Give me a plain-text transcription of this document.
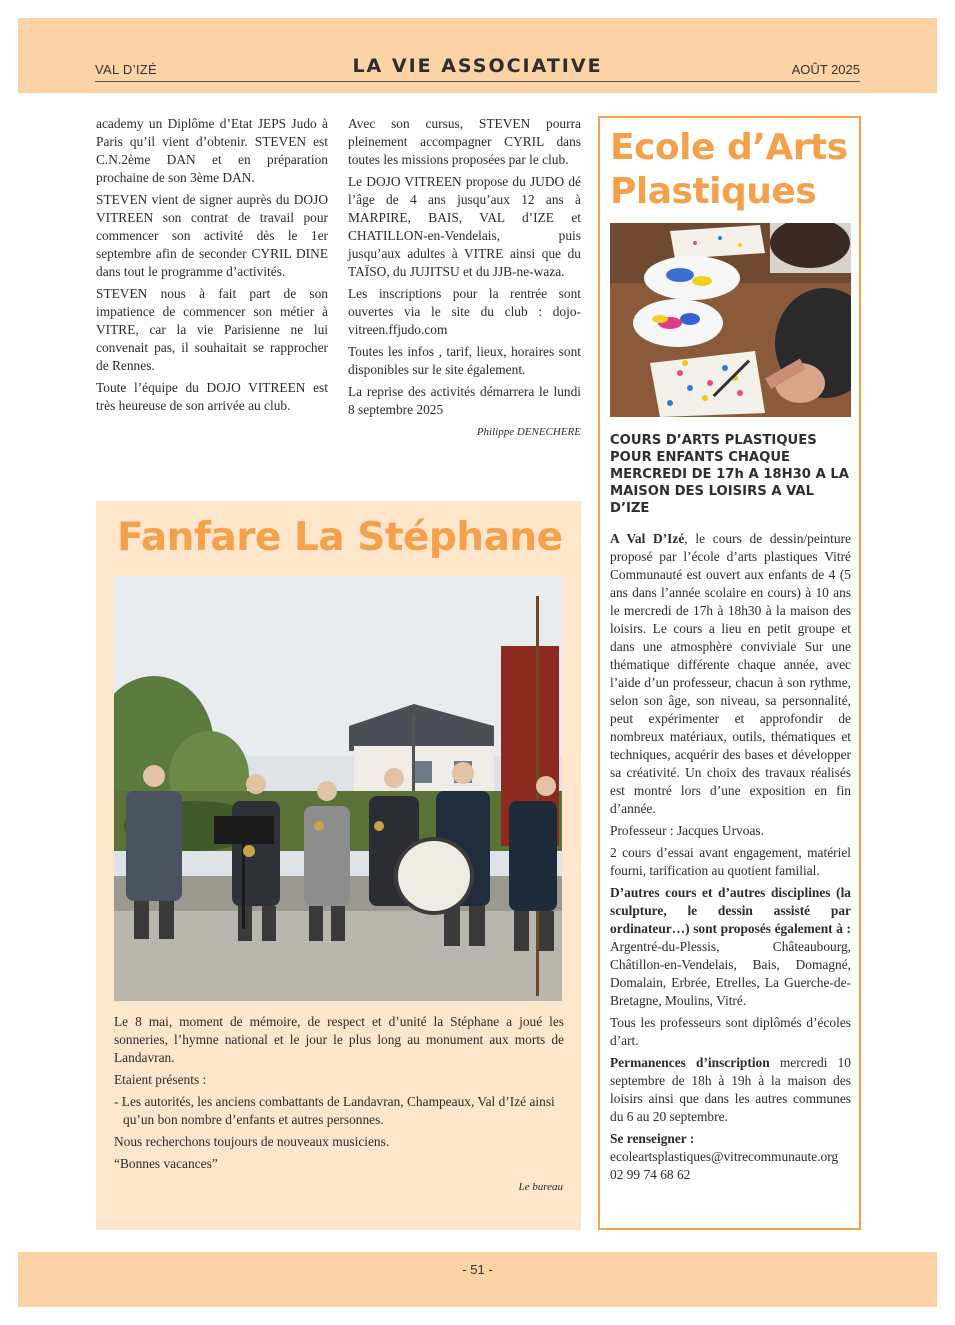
VAL D’IZÉ	LA VIE ASSOCIATIVE	AOÛT 2025

academy un Diplôme d’Etat JEPS Judo à Paris qu’il vient d’obtenir. STEVEN est C.N.2ème DAN et en préparation prochaine de son 3ème DAN.

STEVEN vient de signer auprès du DOJO VITREEN son contrat de travail pour commencer son activité dès le 1er septembre afin de seconder CYRIL DINE dans tout le programme d’activités.

STEVEN nous à fait part de son impatience de commencer son métier à VITRE, car la vie Parisienne ne lui convenait pas, il souhaitait se rapprocher de Rennes.

Toute l’équipe du DOJO VITREEN est très heureuse de son arrivée au club.

Avec son cursus, STEVEN pourra pleinement accompagner CYRIL dans toutes les missions proposées par le club.

Le DOJO VITREEN propose du JUDO dé l’âge de 4 ans jusqu’aux 12 ans à MARPIRE, BAIS, VAL d’IZE et CHATILLON-en-Vendelais, puis jusqu’aux adultes à VITRE ainsi que du TAÏSO, du JUJITSU et du JJB-ne-waza.

Les inscriptions pour la rentrée sont ouvertes via le site du club : dojo-vitreen.ffjudo.com

Toutes les infos , tarif, lieux, horaires sont disponibles sur le site également.

La reprise des activités démarrera le lundi 8 septembre 2025

Philippe DENECHERE
Fanfare La Stéphane

Le 8 mai, moment de mémoire, de respect et d’unité la Stéphane a joué les sonneries, l’hymne national et le jour le plus long au monument aux morts de Landavran.

Etaient présents :

- Les autorités, les anciens combattants de Landavran, Champeaux, Val d’Izé ainsi qu’un bon nombre d’enfants et autres personnes.

Nous recherchons toujours de nouveaux musiciens.

“Bonnes vacances”

Le bureau
Ecole d’Arts
Plastiques
COURS D’ARTS PLASTIQUES POUR ENFANTS CHAQUE MERCREDI DE 17h A 18H30 A LA MAISON DES LOISIRS A VAL D’IZE

A Val D’Izé, le cours de dessin/peinture proposé par l’école d’arts plastiques Vitré Communauté est ouvert aux enfants de 4 (5 ans dans l’année scolaire en cours) à 10 ans le mercredi de 17h à 18h30 à la maison des loisirs. Le cours a lieu en petit groupe et dans une atmosphère conviviale Sur une thématique différente chaque année, avec l’aide d’un professeur, chacun à son rythme, selon son âge, son niveau, sa personnalité, peut expérimenter et approfondir de nombreux matériaux, outils, thématiques et techniques, acquérir des bases et développer sa créativité. Un choix des travaux réalisés est montré lors d’une exposition en fin d’année.

Professeur : Jacques Urvoas.

2 cours d’essai avant engagement, matériel fourni, tarification au quotient familial.

D’autres cours et d’autres disciplines (la sculpture, le dessin assisté par ordinateur…) sont proposés également à : Argentré-du-Plessis, Châteaubourg, Châtillon-en-Vendelais, Bais, Domagné, Domalain, Erbrée, Etrelles, La Guerche-de-Bretagne, Moulins, Vitré.

Tous les professeurs sont diplômés d’écoles d’art.

Permanences d’inscription mercredi 10 septembre de 18h à 19h à la maison des loisirs ainsi que dans les autres communes du 6 au 20 septembre.

Se renseigner :
ecoleartsplastiques@vitrecommunaute.org
02 99 74 68 62

- 51 -
